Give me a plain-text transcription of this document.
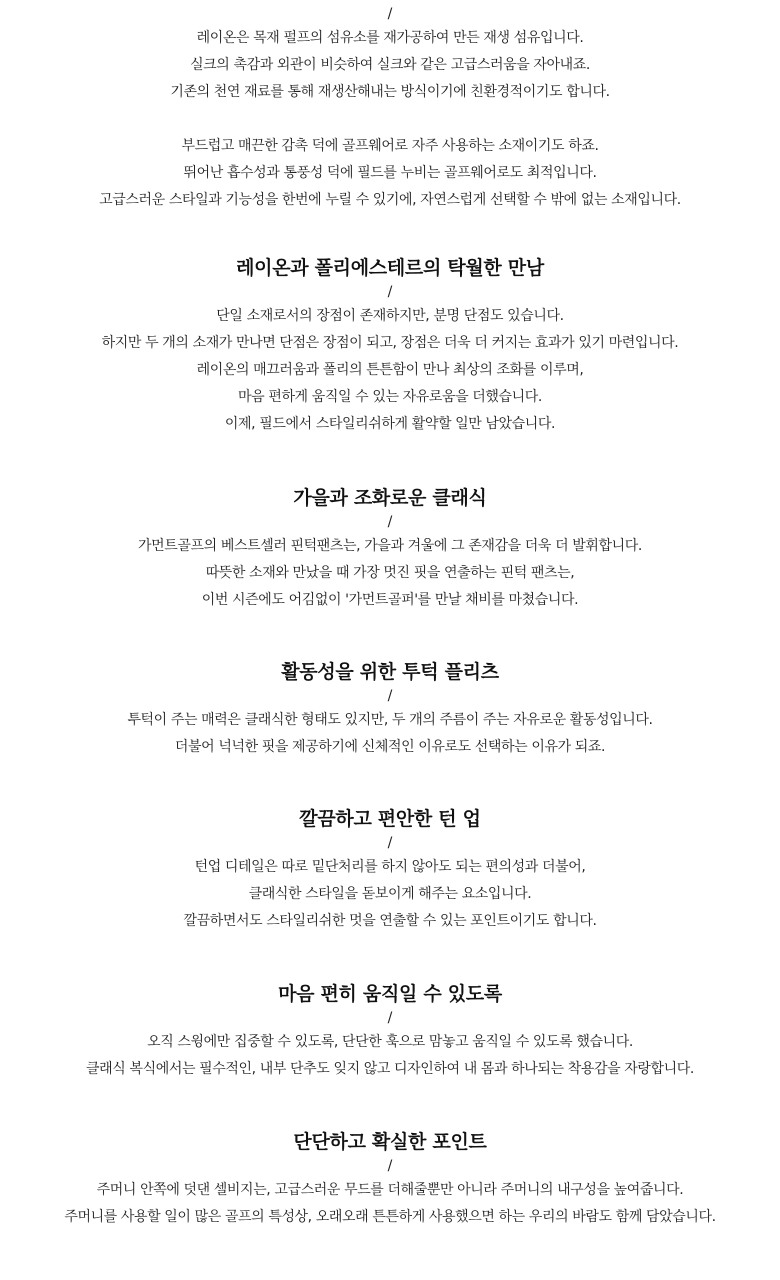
/
레이온은 목재 펄프의 섬유소를 재가공하여 만든 재생 섬유입니다.
실크의 촉감과 외관이 비슷하여 실크와 같은 고급스러움을 자아내죠.
기존의 천연 재료를 통해 재생산해내는 방식이기에 친환경적이기도 합니다.
부드럽고 매끈한 감촉 덕에 골프웨어로 자주 사용하는 소재이기도 하죠.
뛰어난 흡수성과 통풍성 덕에 필드를 누비는 골프웨어로도 최적입니다.
고급스러운 스타일과 기능성을 한번에 누릴 수 있기에, 자연스럽게 선택할 수 밖에 없는 소재입니다.
레이온과 폴리에스테르의 탁월한 만남
/
단일 소재로서의 장점이 존재하지만, 분명 단점도 있습니다.
하지만 두 개의 소재가 만나면 단점은 장점이 되고, 장점은 더욱 더 커지는 효과가 있기 마련입니다.
레이온의 매끄러움과 폴리의 튼튼함이 만나 최상의 조화를 이루며,
마음 편하게 움직일 수 있는 자유로움을 더했습니다.
이제, 필드에서 스타일리쉬하게 활약할 일만 남았습니다.
가을과 조화로운 클래식
/
가먼트골프의 베스트셀러 핀턱팬츠는, 가을과 겨울에 그 존재감을 더욱 더 발휘합니다.
따뜻한 소재와 만났을 때 가장 멋진 핏을 연출하는 핀턱 팬츠는,
이번 시즌에도 어김없이 '가먼트골퍼'를 만날 채비를 마쳤습니다.
활동성을 위한 투턱 플리츠
/
투턱이 주는 매력은 클래식한 형태도 있지만, 두 개의 주름이 주는 자유로운 활동성입니다.
더불어 넉넉한 핏을 제공하기에 신체적인 이유로도 선택하는 이유가 되죠.
깔끔하고 편안한 턴 업
/
턴업 디테일은 따로 밑단처리를 하지 않아도 되는 편의성과 더불어,
클래식한 스타일을 돋보이게 해주는 요소입니다.
깔끔하면서도 스타일리쉬한 멋을 연출할 수 있는 포인트이기도 합니다.
마음 편히 움직일 수 있도록
/
오직 스윙에만 집중할 수 있도록, 단단한 훅으로 맘놓고 움직일 수 있도록 했습니다.
클래식 복식에서는 필수적인, 내부 단추도 잊지 않고 디자인하여 내 몸과 하나되는 착용감을 자랑합니다.
단단하고 확실한 포인트
/
주머니 안쪽에 덧댄 셀비지는, 고급스러운 무드를 더해줄뿐만 아니라 주머니의 내구성을 높여줍니다.
주머니를 사용할 일이 많은 골프의 특성상, 오래오래 튼튼하게 사용했으면 하는 우리의 바람도 함께 담았습니다.
